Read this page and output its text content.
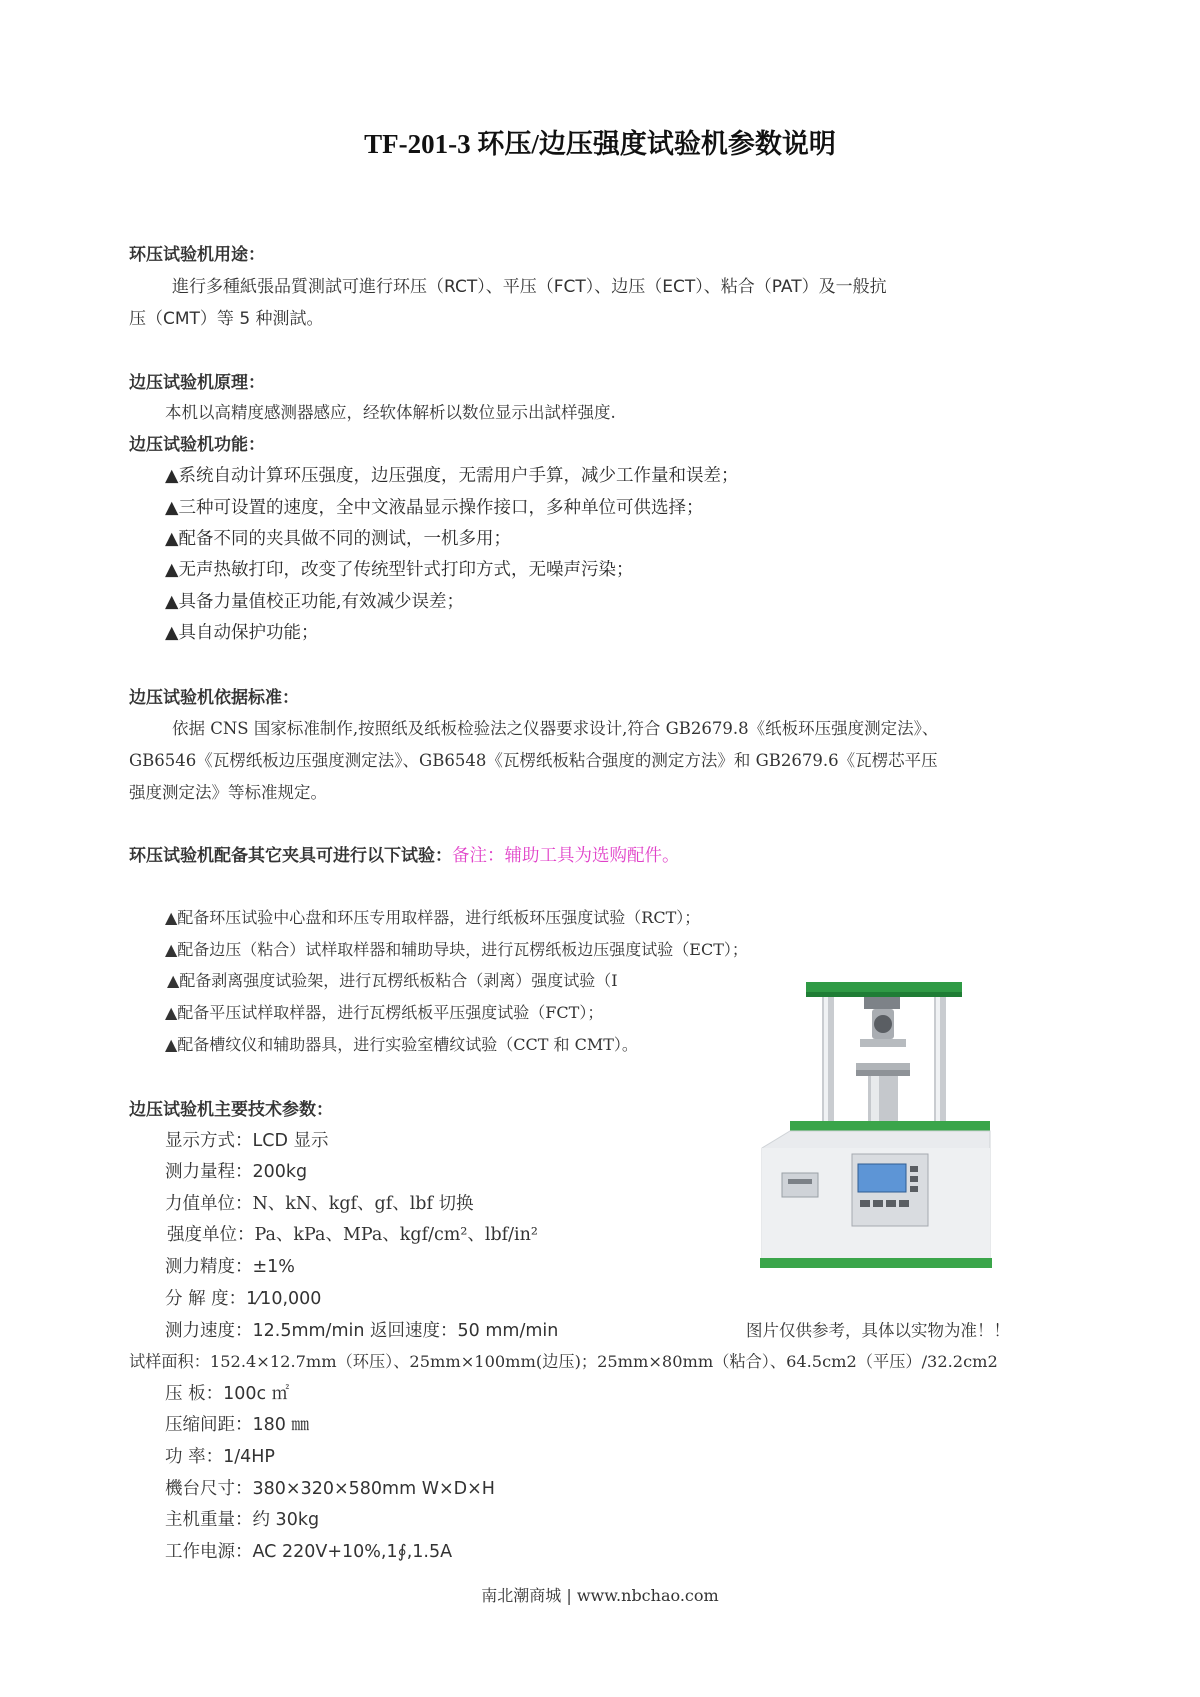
TF-201-3 环压/边压强度试验机参数说明
环压试验机用途：
進行多種紙張品質測試可進行环压（RCT）、平压（FCT）、边压（ECT）、粘合（PAT）及一般抗
压（CMT）等 5 种測試。
边压试验机原理：
本机以高精度感测器感应，经软体解析以数位显示出試样强度.
边压试验机功能：
▲系统自动计算环压强度，边压强度，无需用户手算，减少工作量和误差；
▲三种可设置的速度，全中文液晶显示操作接口，多种单位可供选择；
▲配备不同的夹具做不同的测试，一机多用；
▲无声热敏打印，改变了传统型针式打印方式，无噪声污染；
▲具备力量值校正功能,有效减少误差；
▲具自动保护功能；
边压试验机依据标准：
依据 CNS 国家标准制作,按照纸及纸板检验法之仪器要求设计,符合 GB2679.8《纸板环压强度测定法》、
GB6546《瓦楞纸板边压强度测定法》、GB6548《瓦楞纸板粘合强度的测定方法》和 GB2679.6《瓦楞芯平压
强度测定法》等标准规定。
环压试验机配备其它夹具可进行以下试验：备注：辅助工具为选购配件。
▲配备环压试验中心盘和环压专用取样器，进行纸板环压强度试验（RCT）；
▲配备边压（粘合）试样取样器和辅助导块，进行瓦楞纸板边压强度试验（ECT）；
▲配备剥离强度试验架，进行瓦楞纸板粘合（剥离）强度试验（I
▲配备平压试样取样器，进行瓦楞纸板平压强度试验（FCT）；
▲配备槽纹仪和辅助器具，进行实验室槽纹试验（CCT 和 CMT）。
边压试验机主要技术参数：
显示方式：LCD 显示
测力量程：200kg
力值单位：N、kN、kgf、gf、lbf 切换
强度单位：Pa、kPa、MPa、kgf/cm²、lbf/in²
测力精度：±1%
分 解 度：1⁄10,000
测力速度：12.5mm/min 返回速度：50 mm/min	图片仅供参考，具体以实物为准！！
试样面积：152.4×12.7mm（环压）、25mm×100mm(边压)；25mm×80mm（粘合）、64.5cm2（平压）/32.2cm2
压 板：100c ㎡
压缩间距：180 ㎜
功 率：1/4HP
機台尺寸：380×320×580mm W×D×H
主机重量：约 30kg
工作电源：AC 220V+10%,1∮,1.5A
南北潮商城 | www.nbchao.com
